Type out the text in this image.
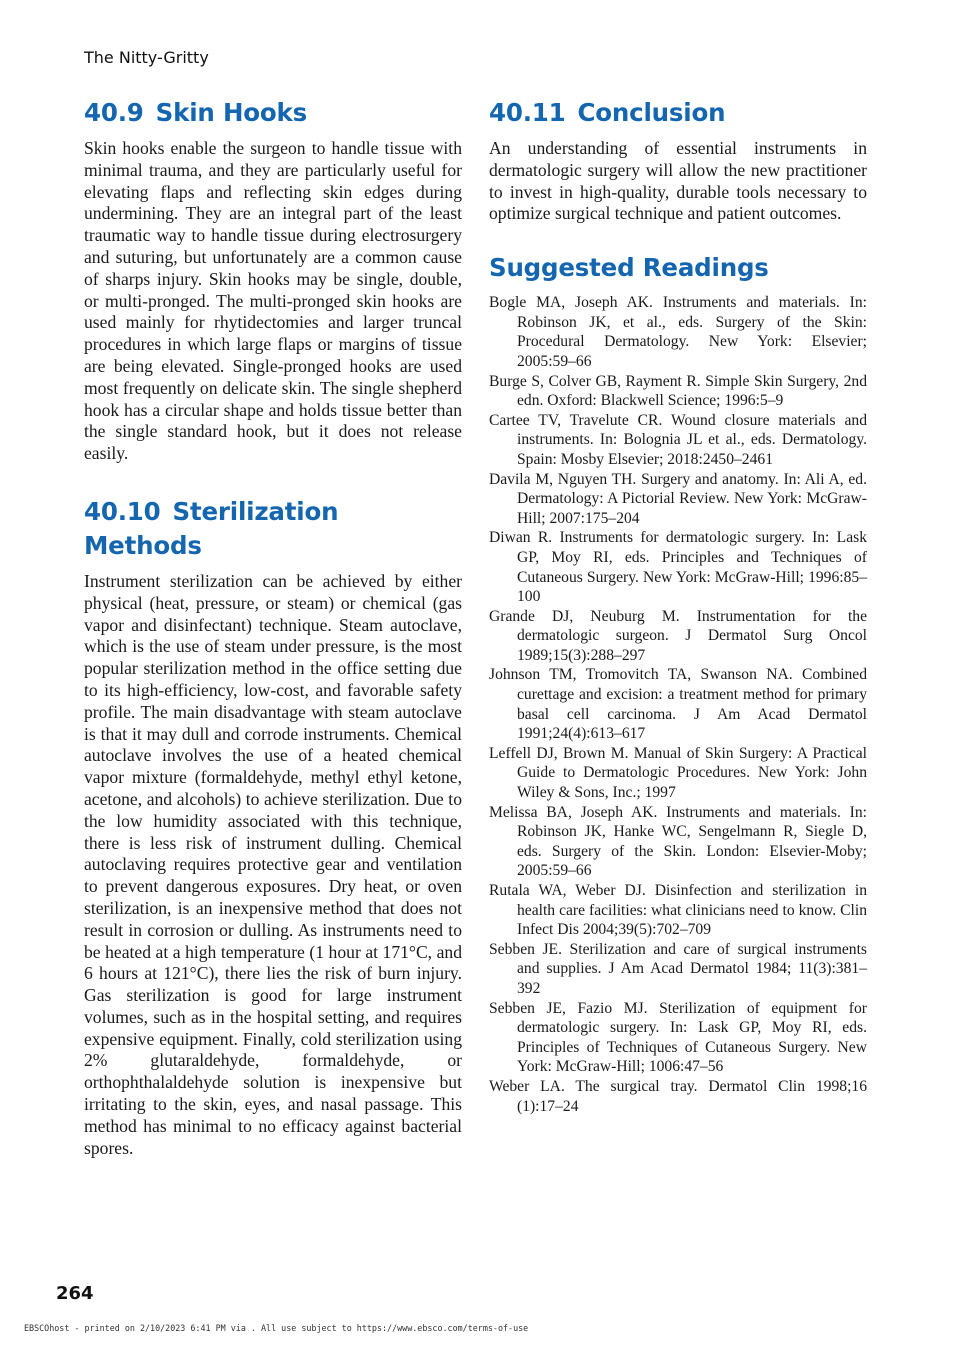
The Nitty-Gritty
40.9 Skin Hooks

Skin hooks enable the surgeon to handle tissue with minimal trauma, and they are particularly useful for elevating flaps and reflecting skin edges during undermining. They are an integral part of the least traumatic way to handle tissue during electrosurgery and suturing, but unfortunately are a common cause of sharps injury. Skin hooks may be single, double, or multi-pronged. The multi-pronged skin hooks are used mainly for rhytidectomies and larger truncal procedures in which large flaps or margins of tissue are being elevated. Single-pronged hooks are used most frequently on delicate skin. The single shepherd hook has a circular shape and holds tissue better than the single standard hook, but it does not release easily.

40.10 Sterilization Methods

Instrument sterilization can be achieved by either physical (heat, pressure, or steam) or chemical (gas vapor and disinfectant) technique. Steam autoclave, which is the use of steam under pressure, is the most popular sterilization method in the office setting due to its high-efficiency, low-cost, and favorable safety profile. The main disadvantage with steam autoclave is that it may dull and corrode instruments. Chemical autoclave involves the use of a heated chemical vapor mixture (formaldehyde, methyl ethyl ketone, acetone, and alcohols) to achieve sterilization. Due to the low humidity associated with this technique, there is less risk of instrument dulling. Chemical autoclaving requires protective gear and ventilation to prevent dangerous exposures. Dry heat, or oven sterilization, is an inexpensive method that does not result in corrosion or dulling. As instruments need to be heated at a high temperature (1 hour at 171°C, and 6 hours at 121°C), there lies the risk of burn injury. Gas sterilization is good for large instrument volumes, such as in the hospital setting, and requires expensive equipment. Finally, cold sterilization using 2% glutaraldehyde, formaldehyde, or orthophthalaldehyde solution is inexpensive but irritating to the skin, eyes, and nasal passage. This method has minimal to no efficacy against bacterial spores.

40.11 Conclusion

An understanding of essential instruments in dermatologic surgery will allow the new practitioner to invest in high-quality, durable tools necessary to optimize surgical technique and patient outcomes.

Suggested Readings
Bogle MA, Joseph AK. Instruments and materials. In: Robinson JK, et al., eds. Surgery of the Skin: Procedural Dermatology. New York: Elsevier; 2005:59–66
Burge S, Colver GB, Rayment R. Simple Skin Surgery, 2nd edn. Oxford: Blackwell Science; 1996:5–9
Cartee TV, Travelute CR. Wound closure materials and instruments. In: Bolognia JL et al., eds. Dermatology. Spain: Mosby Elsevier; 2018:2450–2461
Davila M, Nguyen TH. Surgery and anatomy. In: Ali A, ed. Dermatology: A Pictorial Review. New York: McGraw-Hill; 2007:175–204
Diwan R. Instruments for dermatologic surgery. In: Lask GP, Moy RI, eds. Principles and Techniques of Cutaneous Surgery. New York: McGraw-Hill; 1996:85–100
Grande DJ, Neuburg M. Instrumentation for the dermatologic surgeon. J Dermatol Surg Oncol 1989;15(3):288–297
Johnson TM, Tromovitch TA, Swanson NA. Combined curettage and excision: a treatment method for primary basal cell carcinoma. J Am Acad Dermatol 1991;24(4):613–617
Leffell DJ, Brown M. Manual of Skin Surgery: A Practical Guide to Dermatologic Procedures. New York: John Wiley & Sons, Inc.; 1997
Melissa BA, Joseph AK. Instruments and materials. In: Robinson JK, Hanke WC, Sengelmann R, Siegle D, eds. Surgery of the Skin. London: Elsevier-Moby; 2005:59–66
Rutala WA, Weber DJ. Disinfection and sterilization in health care facilities: what clinicians need to know. Clin Infect Dis 2004;39(5):702–709
Sebben JE. Sterilization and care of surgical instruments and supplies. J Am Acad Dermatol 1984; 11(3):381–392
Sebben JE, Fazio MJ. Sterilization of equipment for dermatologic surgery. In: Lask GP, Moy RI, eds. Principles of Techniques of Cutaneous Surgery. New York: McGraw-Hill; 1006:47–56
Weber LA. The surgical tray. Dermatol Clin 1998;16 (1):17–24
264
EBSCOhost - printed on 2/10/2023 6:41 PM via . All use subject to https://www.ebsco.com/terms-of-use
